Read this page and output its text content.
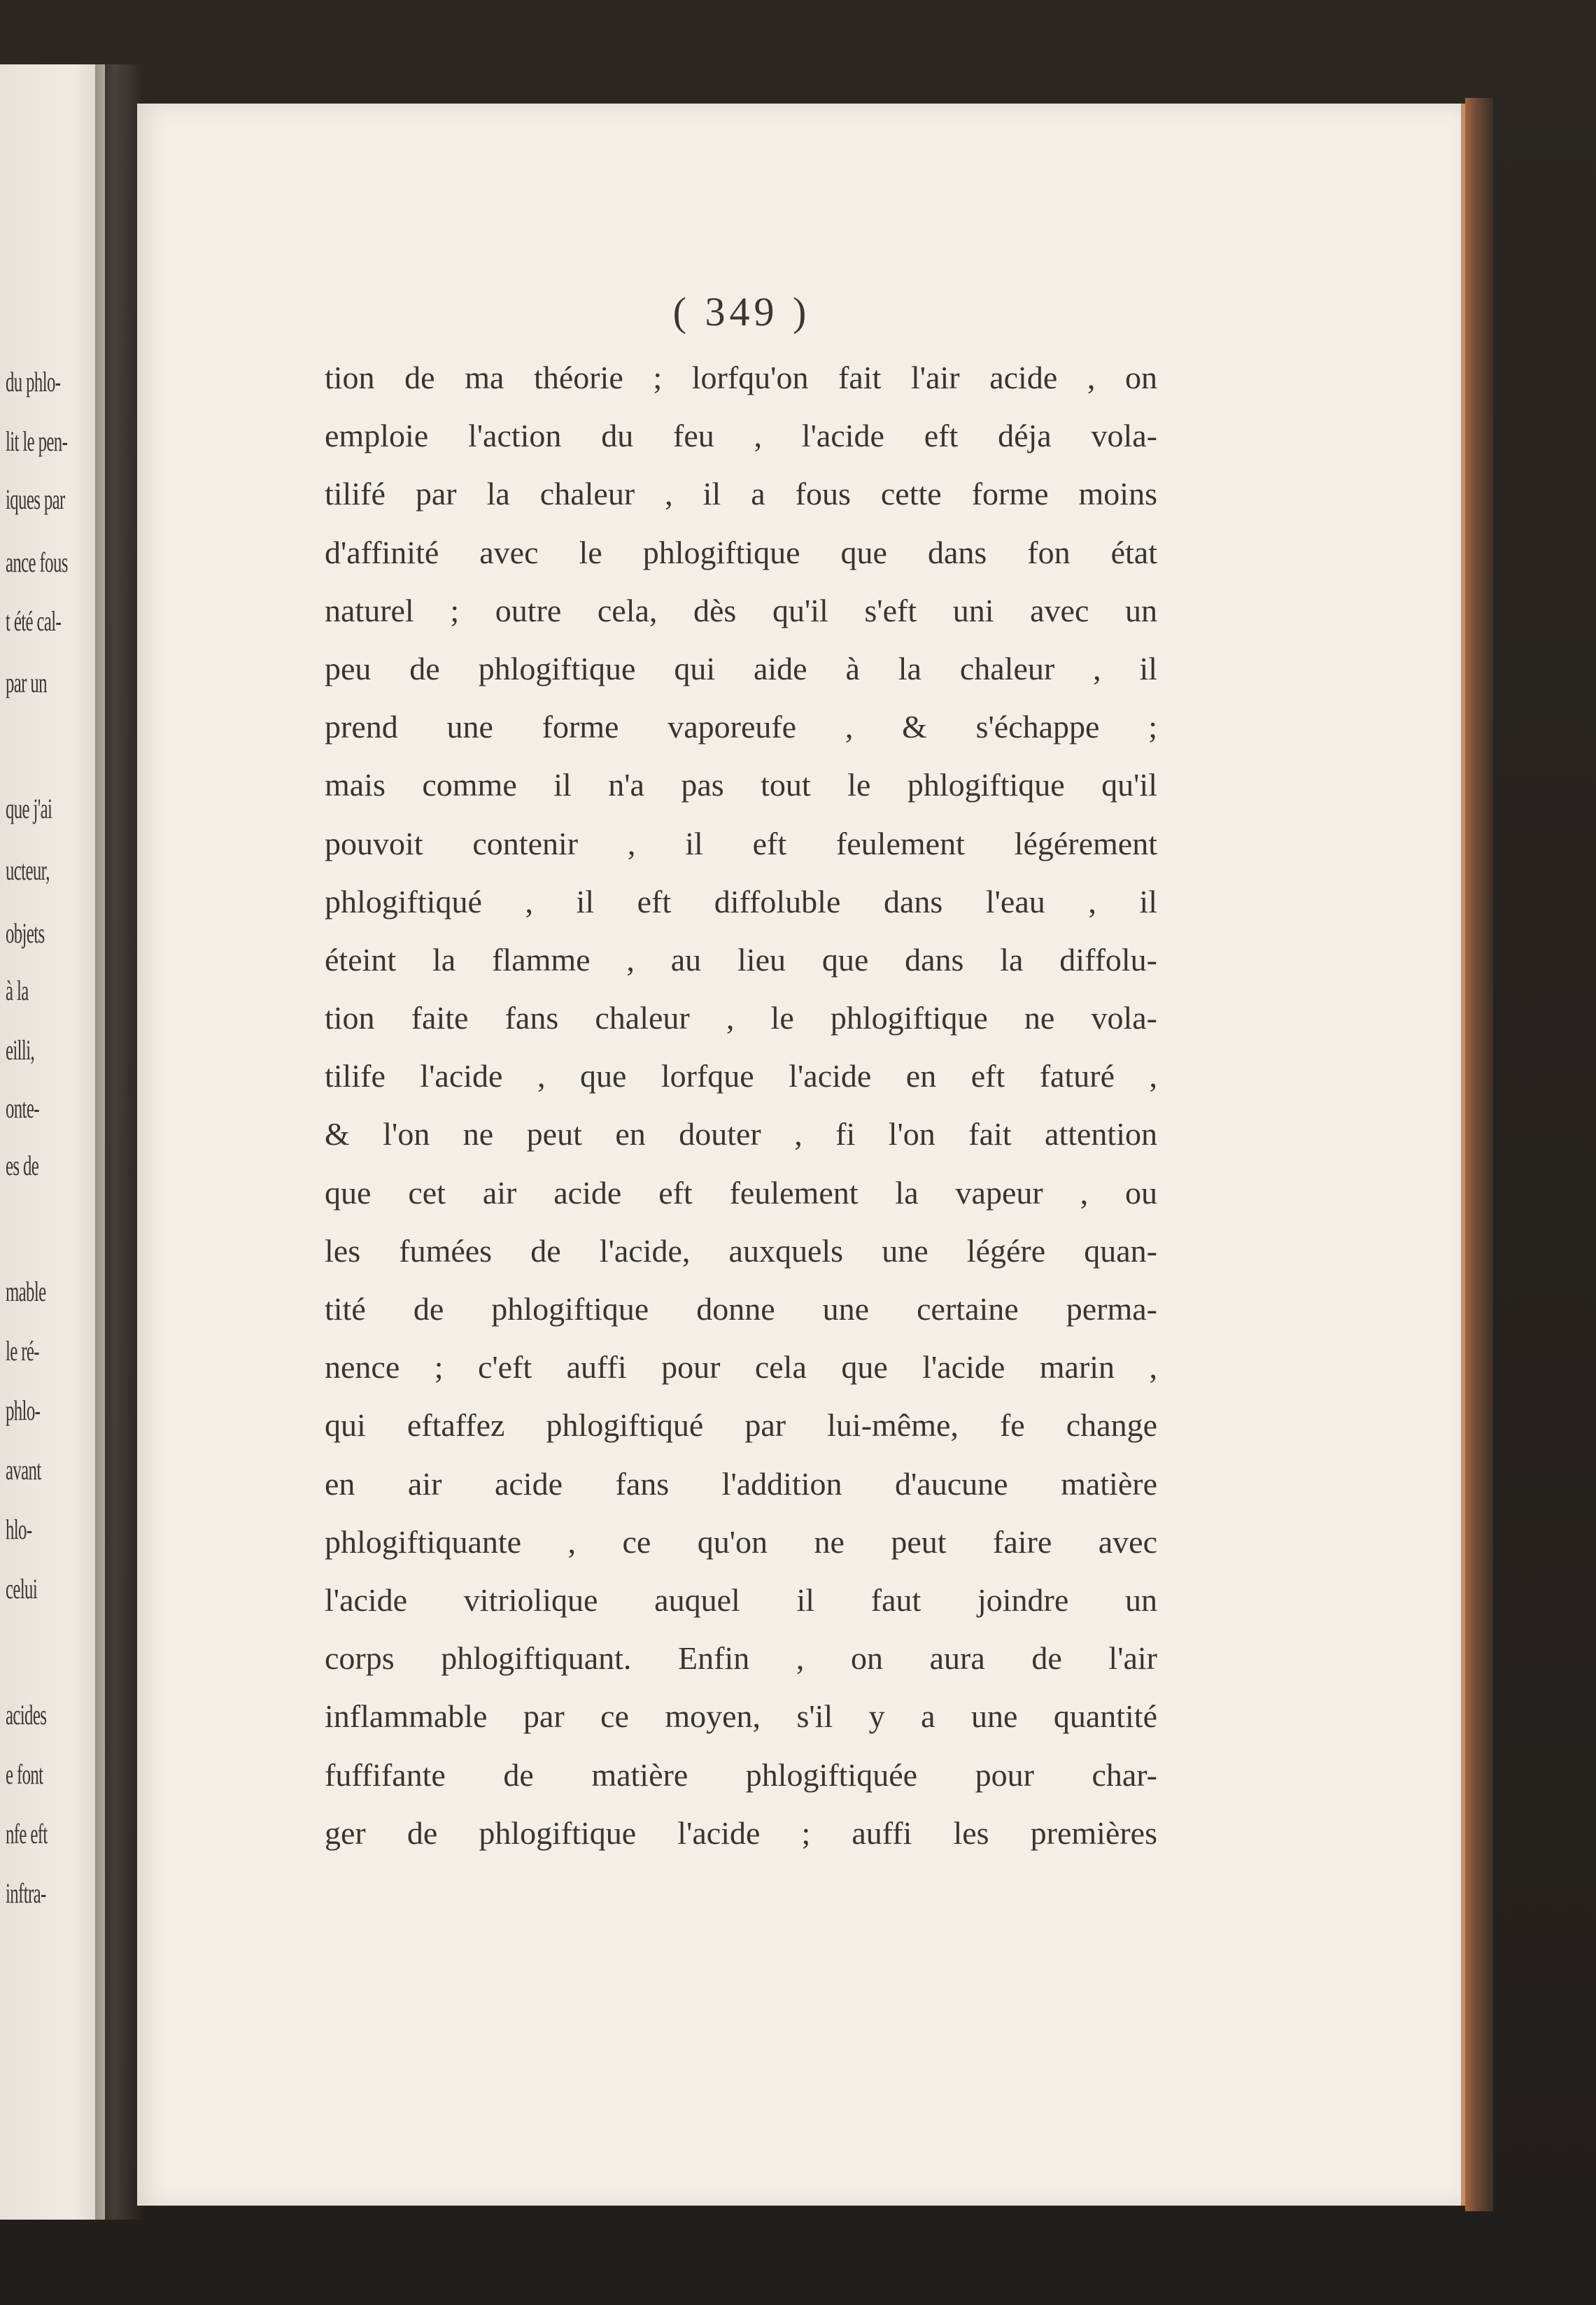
du phlo-
lit le pen-
iques par
ance fous
t été cal-
par un
que j'ai
ucteur,
objets
à la
eilli,
onte-
es de
mable
le ré-
phlo-
avant
hlo-
celui
acides
e font
nfe eft
inftra-
( 349 )
tion de ma théorie ; lorfqu'on fait l'air acide , on
emploie l'action du feu , l'acide eft déja vola-
tilifé par la chaleur , il a fous cette forme moins
d'affinité avec le phlogiftique que dans fon état
naturel ; outre cela, dès qu'il s'eft uni avec un
peu de phlogiftique qui aide à la chaleur , il
prend une forme vaporeufe , & s'échappe ;
mais comme il n'a pas tout le phlogiftique qu'il
pouvoit contenir , il eft feulement légérement
phlogiftiqué , il eft diffoluble dans l'eau , il
éteint la flamme , au lieu que dans la diffolu-
tion faite fans chaleur , le phlogiftique ne vola-
tilife l'acide , que lorfque l'acide en eft faturé ,
& l'on ne peut en douter , fi l'on fait attention
que cet air acide eft feulement la vapeur , ou
les fumées de l'acide, auxquels une légére quan-
tité de phlogiftique donne une certaine perma-
nence ; c'eft auffi pour cela que l'acide marin ,
qui eftaffez phlogiftiqué par lui-même, fe change
en air acide fans l'addition d'aucune matière
phlogiftiquante , ce qu'on ne peut faire avec
l'acide vitriolique auquel il faut joindre un
corps phlogiftiquant. Enfin , on aura de l'air
inflammable par ce moyen, s'il y a une quantité
fuffifante de matière phlogiftiquée pour char-
ger de phlogiftique l'acide ; auffi les premières
